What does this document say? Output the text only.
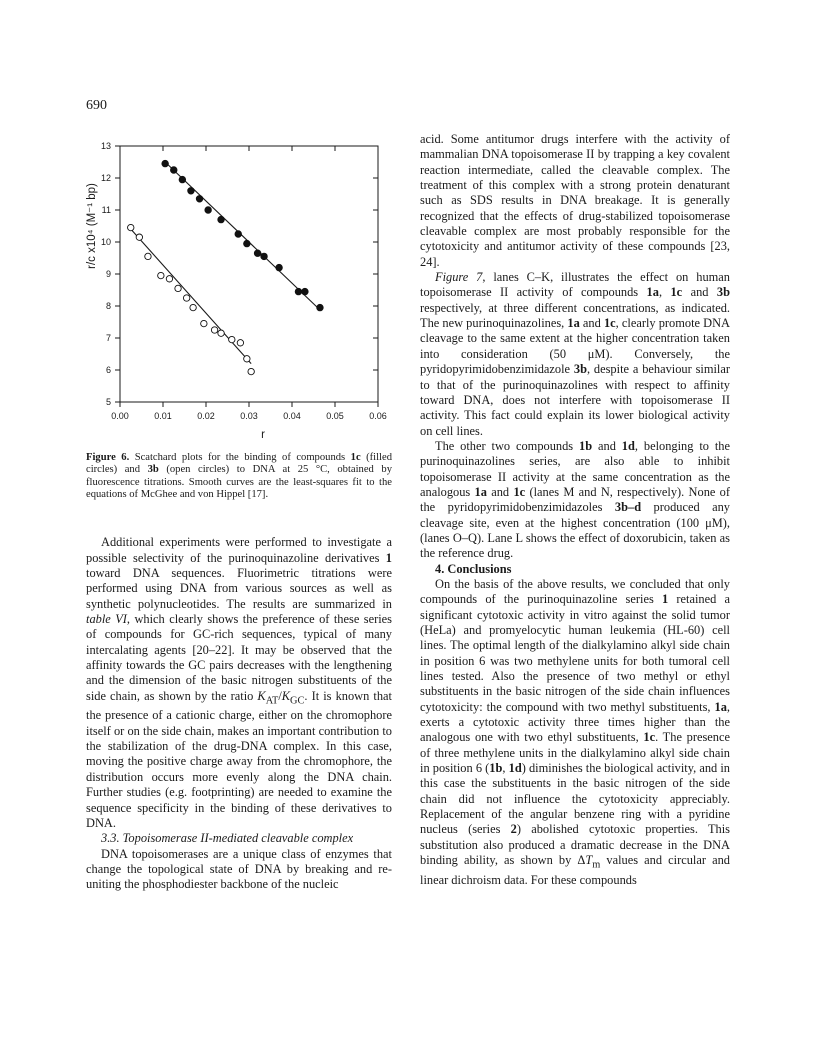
690
5
6
7
8
9
10
11
12
13
0.00	0.01	0.02	0.03	0.04	0.05	0.06
r/c x10⁴ (M⁻¹ bp)
r
Figure 6. Scatchard plots for the binding of compounds 1c (filled circles) and 3b (open circles) to DNA at 25 °C, obtained by fluorescence titrations. Smooth curves are the least-squares fit to the equations of McGhee and von Hippel [17].

Additional experiments were performed to investigate a possible selectivity of the purinoquinazoline derivatives 1 toward DNA sequences. Fluorimetric titrations were performed using DNA from various sources as well as synthetic polynucleotides. The results are summarized in table VI, which clearly shows the preference of these series of compounds for GC-rich sequences, typical of many intercalating agents [20–22]. It may be observed that the affinity towards the GC pairs decreases with the lengthening and the dimension of the basic nitrogen substituents of the side chain, as shown by the ratio $K_{AT}/K_{GC}$. It is known that the presence of a cationic charge, either on the chromophore itself or on the side chain, makes an important contribution to the stabilization of the drug-DNA complex. In this case, moving the positive charge away from the chromophore, the distribution occurs more evenly along the DNA chain. Further studies (e.g. footprinting) are needed to examine the sequence specificity in the binding of these derivatives to DNA.

3.3. Topoisomerase II-mediated cleavable complex

DNA topoisomerases are a unique class of enzymes that change the topological state of DNA by breaking and re-uniting the phosphodiester backbone of the nucleic

acid. Some antitumor drugs interfere with the activity of mammalian DNA topoisomerase II by trapping a key covalent reaction intermediate, called the cleavable complex. The treatment of this complex with a strong protein denaturant such as SDS results in DNA breakage. It is generally recognized that the effects of drug-stabilized topoisomerase cleavable complex are most probably responsible for the cytotoxicity and antitumor activity of these compounds [23, 24].

Figure 7, lanes C–K, illustrates the effect on human topoisomerase II activity of compounds 1a, 1c and 3b respectively, at three different concentrations, as indicated. The new purinoquinazolines, 1a and 1c, clearly promote DNA cleavage to the same extent at the higher concentration taken into consideration (50 μM). Conversely, the pyridopyrimidobenzimidazole 3b, despite a behaviour similar to that of the purinoquinazolines with respect to affinity toward DNA, does not interfere with topoisomerase II activity. This fact could explain its lower biological activity on cell lines.

The other two compounds 1b and 1d, belonging to the purinoquinazolines series, are also able to inhibit topoisomerase II activity at the same concentration as the analogous 1a and 1c (lanes M and N, respectively). None of the pyridopyrimidobenzimidazoles 3b–d produced any cleavage site, even at the highest concentration (100 μM), (lanes O–Q). Lane L shows the effect of doxorubicin, taken as the reference drug.

4. Conclusions

On the basis of the above results, we concluded that only compounds of the purinoquinazoline series 1 retained a significant cytotoxic activity in vitro against the solid tumor (HeLa) and promyelocytic human leukemia (HL-60) cell lines. The optimal length of the dialkylamino alkyl side chain in position 6 was two methylene units for both tumoral cell lines tested. Also the presence of two methyl or ethyl substituents in the basic nitrogen of the side chain influences cytotoxicity: the compound with two methyl substituents, 1a, exerts a cytotoxic activity three times higher than the analogous one with two ethyl substituents, 1c. The presence of three methylene units in the dialkylamino alkyl side chain in position 6 (1b, 1d) diminishes the biological activity, and in this case the substituents in the basic nitrogen of the side chain did not influence the cytotoxicity appreciably. Replacement of the angular benzene ring with a pyridine nucleus (series 2) abolished cytotoxic properties. This substitution also produced a dramatic decrease in the DNA binding ability, as shown by $\Delta T_m$ values and circular and linear dichroism data. For these compounds
